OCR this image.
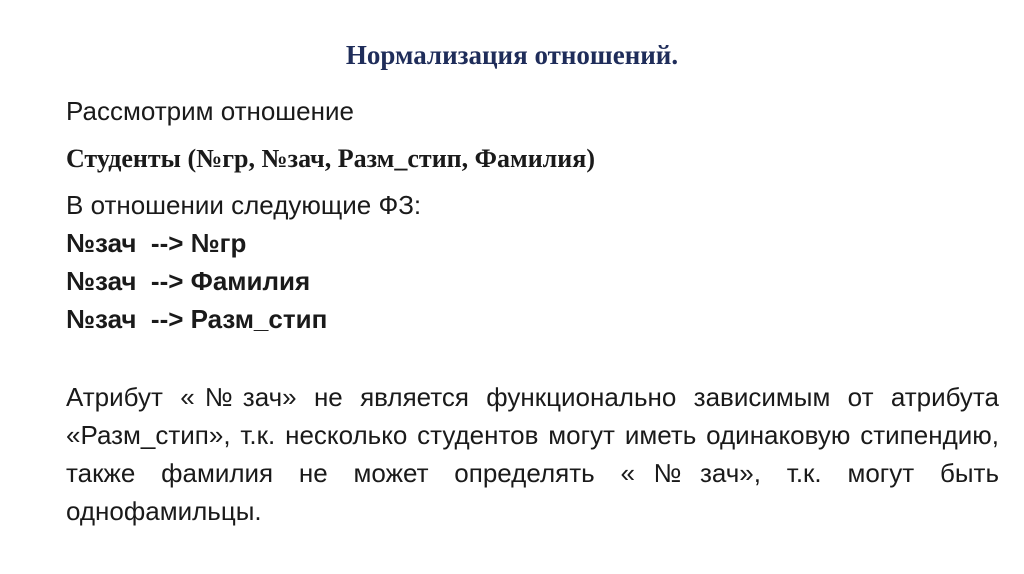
Нормализация отношений.
Рассмотрим отношение
Студенты (№гр, №зач, Разм_стип, Фамилия)
В отношении следующие ФЗ:
№зач  --> №гр
№зач  --> Фамилия
№зач  --> Разм_стип
Атрибут «№зач» не является функционально зависимым от атрибута «Разм_стип», т.к. несколько студентов могут иметь одинаковую стипендию, также фамилия не может определять «№зач», т.к. могут быть однофамильцы.
